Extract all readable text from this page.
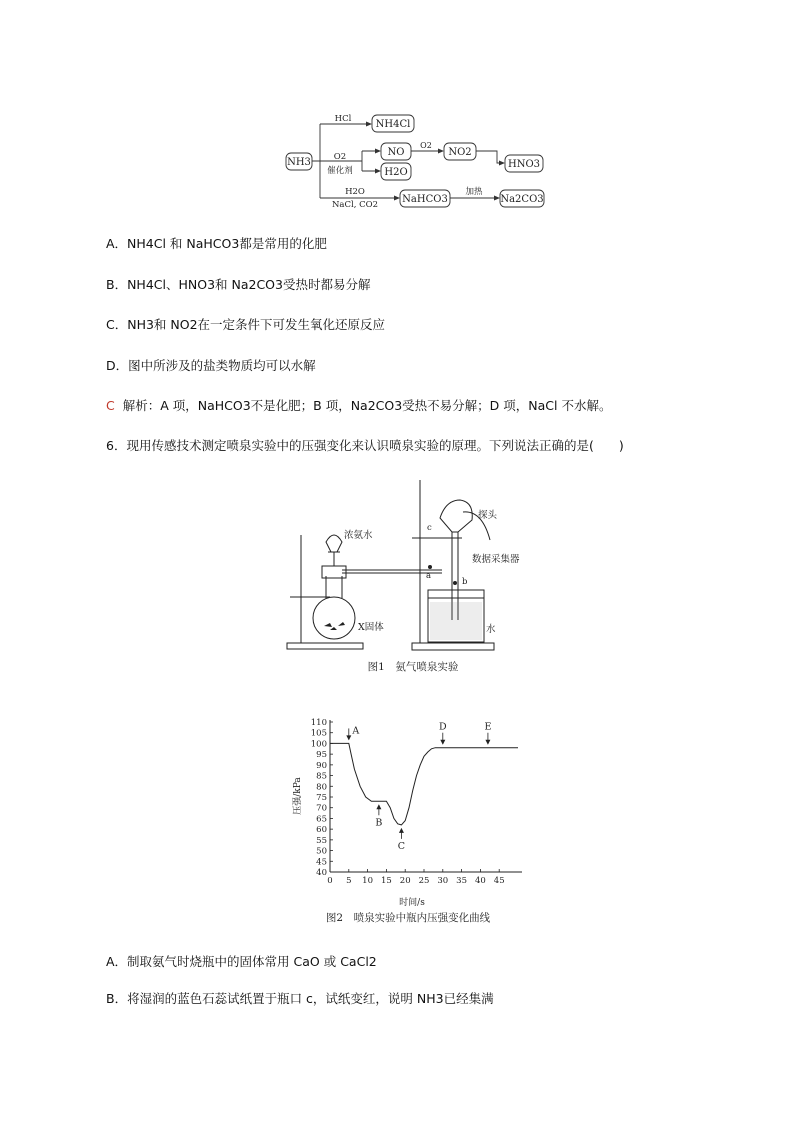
NH3
HCl NH4Cl
O2
催化剂
NO
O2
NO2
H2O
HNO3
H2O
NaCl, CO2 NaHCO3
加热
Na2CO3
A．NH4Cl 和 NaHCO3都是常用的化肥
B．NH4Cl、HNO3和 Na2CO3受热时都易分解
C．NH3和 NO2在一定条件下可发生氧化还原反应
D．图中所涉及的盐类物质均可以水解
C 解析：A 项，NaHCO3不是化肥；B 项，Na2CO3受热不易分解；D 项，NaCl 不水解。
6．现用传感技术测定喷泉实验中的压强变化来认识喷泉实验的原理。下列说法正确的是(　　)
浓氨水
X固体
探头
数据采集器
水
a
b
c
图1　氨气喷泉实验
40
45
50
55
60
65
70
75
80
85
90
95
100
105
110
0 5 10 15 20 25 30 35 40 45
A
B
C
D	E
压强/kPa
时间/s
图2　喷泉实验中瓶内压强变化曲线
A．制取氨气时烧瓶中的固体常用 CaO 或 CaCl2
B．将湿润的蓝色石蕊试纸置于瓶口 c，试纸变红，说明 NH3已经集满
